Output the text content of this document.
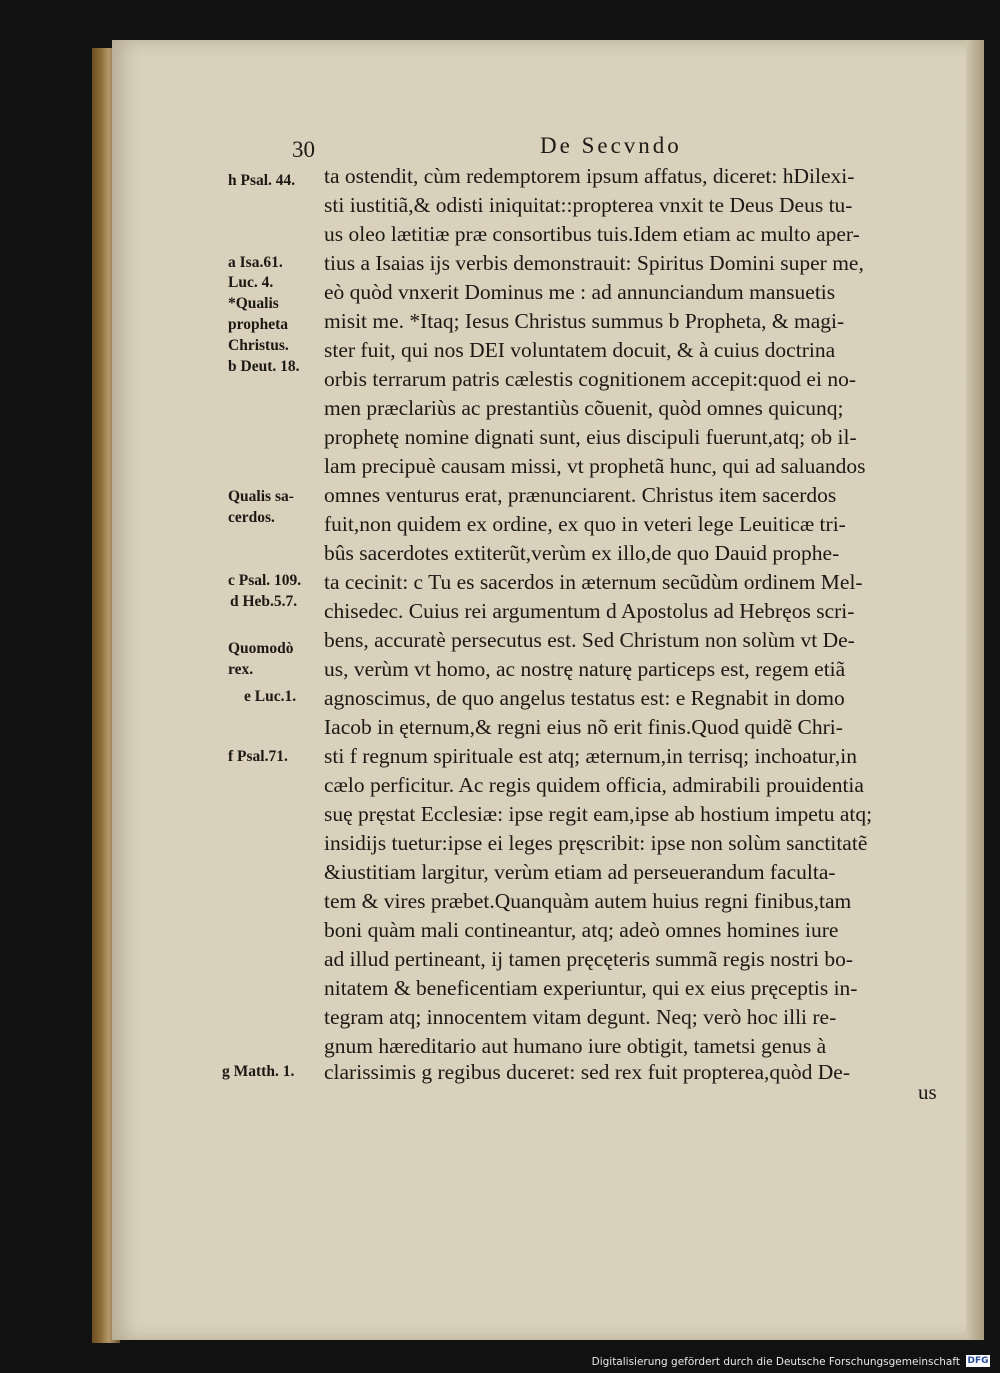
30	De Secvndo
h Psal. 44.
a Isa.61.
Luc. 4.
*Qualis
propheta
Christus.
b Deut. 18.
Qualis sa-
cerdos.
c Psal. 109.
d Heb.5.7.
Quomodò
rex.
e Luc.1.
f Psal.71.
g Matth. 1.
ta ostendit, cùm redemptorem ipsum affatus, diceret: hDilexi-
sti iustitiã,& odisti iniquitat::propterea vnxit te Deus Deus tu-
us oleo lætitiæ præ consortibus tuis.Idem etiam ac multo aper-
tius a Isaias ijs verbis demonstrauit: Spiritus Domini super me,
eò quòd vnxerit Dominus me : ad annunciandum mansuetis
misit me. *Itaq; Iesus Christus summus b Propheta, & magi-
ster fuit, qui nos DEI voluntatem docuit, & à cuius doctrina
orbis terrarum patris cælestis cognitionem accepit:quod ei no-
men præclariùs ac prestantiùs cõuenit, quòd omnes quicunq;
prophetę nomine dignati sunt, eius discipuli fuerunt,atq; ob il-
lam precipuè causam missi, vt prophetã hunc, qui ad saluandos
omnes venturus erat, prænunciarent. Christus item sacerdos
fuit,non quidem ex ordine, ex quo in veteri lege Leuiticæ tri-
bûs sacerdotes extiterũt,verùm ex illo,de quo Dauid prophe-
ta cecinit: c Tu es sacerdos in æternum secũdùm ordinem Mel-
chisedec. Cuius rei argumentum d Apostolus ad Hebręos scri-
bens, accuratè persecutus est. Sed Christum non solùm vt De-
us, verùm vt homo, ac nostrę naturę particeps est, regem etiã
agnoscimus, de quo angelus testatus est: e Regnabit in domo
Iacob in ęternum,& regni eius nõ erit finis.Quod quidẽ Chri-
sti f regnum spirituale est atq; æternum,in terrisq; inchoatur,in
cælo perficitur. Ac regis quidem officia, admirabili prouidentia
suę pręstat Ecclesiæ: ipse regit eam,ipse ab hostium impetu atq;
insidijs tuetur:ipse ei leges pręscribit: ipse non solùm sanctitatẽ
&iustitiam largitur, verùm etiam ad perseuerandum faculta-
tem & vires præbet.Quanquàm autem huius regni finibus,tam
boni quàm mali contineantur, atq; adeò omnes homines iure
ad illud pertineant, ij tamen pręcęteris summã regis nostri bo-
nitatem & beneficentiam experiuntur, qui ex eius pręceptis in-
tegram atq; innocentem vitam degunt. Neq; verò hoc illi re-
gnum hæreditario aut humano iure obtigit, tametsi genus à
clarissimis g regibus duceret: sed rex fuit propterea,quòd De-
us
Digitalisierung gefördert durch die Deutsche Forschungsgemeinschaft DFG
